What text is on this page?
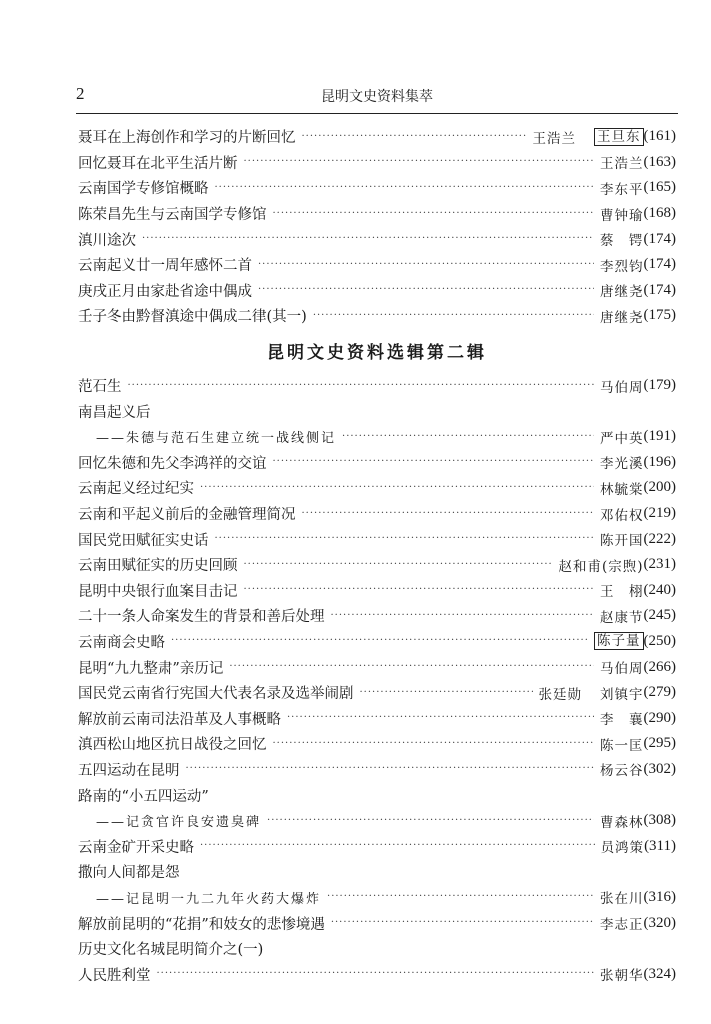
2	昆明文史资料集萃
聂耳在上海创作和学习的片断回忆 ·····	王浩兰 王旦东 (161)
回忆聂耳在北平生活片断 ·····	王浩兰 (163)
云南国学专修馆概略 ·····	李东平 (165)
陈荣昌先生与云南国学专修馆 ·····	曹钟瑜 (168)
滇川途次 ·····	蔡　锷 (174)
云南起义廿一周年感怀二首 ·····	李烈钧 (174)
庚戌正月由家赴省途中偶成 ·····	唐继尧 (174)
壬子冬由黔督滇途中偶成二律(其一) ·····	唐继尧 (175)
昆明文史资料选辑第二辑
范石生 ·····	马伯周 (179)
南昌起义后
——朱德与范石生建立统一战线侧记 ·····	严中英 (191)
回忆朱德和先父李鸿祥的交谊 ·····	李光溪 (196)
云南起义经过纪实 ·····	林毓棠 (200)
云南和平起义前后的金融管理简况 ·····	邓佑权 (219)
国民党田赋征实史话 ·····	陈开国 (222)
云南田赋征实的历史回顾 ·····	赵和甫(宗煦) (231)
昆明中央银行血案目击记 ·····	王　栩 (240)
二十一条人命案发生的背景和善后处理 ·····	赵康节 (245)
云南商会史略 ·····	陈子量 (250)
昆明“九九整肃”亲历记 ·····	马伯周 (266)
国民党云南省行宪国大代表名录及选举闹剧 ·····	张廷勋 刘镇宇 (279)
解放前云南司法沿革及人事概略 ·····	李　襄 (290)
滇西松山地区抗日战役之回忆 ·····	陈一匡 (295)
五四运动在昆明 ·····	杨云谷 (302)
路南的“小五四运动”
——记贪官许良安遗臭碑 ·····	曹森林 (308)
云南金矿开采史略 ·····	员鸿策 (311)
撒向人间都是怨
——记昆明一九二九年火药大爆炸 ·····	张在川 (316)
解放前昆明的“花捐”和妓女的悲惨境遇 ·····	李志正 (320)
历史文化名城昆明简介之(一)
人民胜利堂 ·····	张朝华 (324)
